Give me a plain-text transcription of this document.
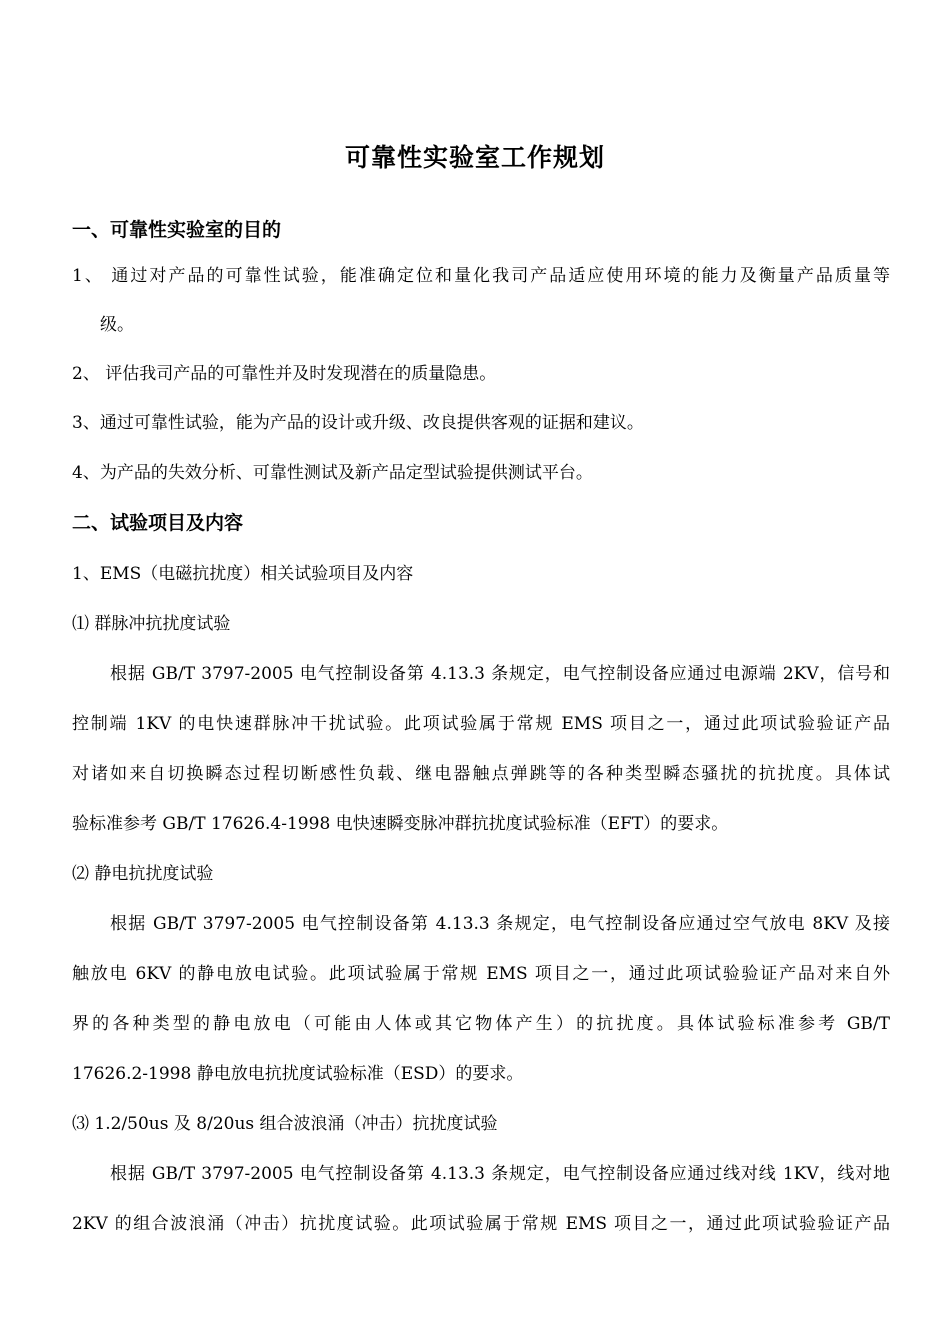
可靠性实验室工作规划
一、可靠性实验室的目的
1、 通过对产品的可靠性试验，能准确定位和量化我司产品适应使用环境的能力及衡量产品质量等
级。
2、 评估我司产品的可靠性并及时发现潜在的质量隐患。
3、通过可靠性试验，能为产品的设计或升级、改良提供客观的证据和建议。
4、为产品的失效分析、可靠性测试及新产品定型试验提供测试平台。
二、试验项目及内容
1、EMS（电磁抗扰度）相关试验项目及内容
⑴ 群脉冲抗扰度试验
根据 GB/T 3797-2005 电气控制设备第 4.13.3 条规定，电气控制设备应通过电源端 2KV，信号和
控制端 1KV 的电快速群脉冲干扰试验。此项试验属于常规 EMS 项目之一，通过此项试验验证产品
对诸如来自切换瞬态过程切断感性负载、继电器触点弹跳等的各种类型瞬态骚扰的抗扰度。具体试
验标准参考 GB/T 17626.4-1998 电快速瞬变脉冲群抗扰度试验标准（EFT）的要求。
⑵ 静电抗扰度试验
根据 GB/T 3797-2005 电气控制设备第 4.13.3 条规定，电气控制设备应通过空气放电 8KV 及接
触放电 6KV 的静电放电试验。此项试验属于常规 EMS 项目之一，通过此项试验验证产品对来自外
界的各种类型的静电放电（可能由人体或其它物体产生）的抗扰度。具体试验标准参考 GB/T
17626.2-1998 静电放电抗扰度试验标准（ESD）的要求。
⑶ 1.2/50us 及 8/20us 组合波浪涌（冲击）抗扰度试验
根据 GB/T 3797-2005 电气控制设备第 4.13.3 条规定，电气控制设备应通过线对线 1KV，线对地
2KV 的组合波浪涌（冲击）抗扰度试验。此项试验属于常规 EMS 项目之一，通过此项试验验证产品
